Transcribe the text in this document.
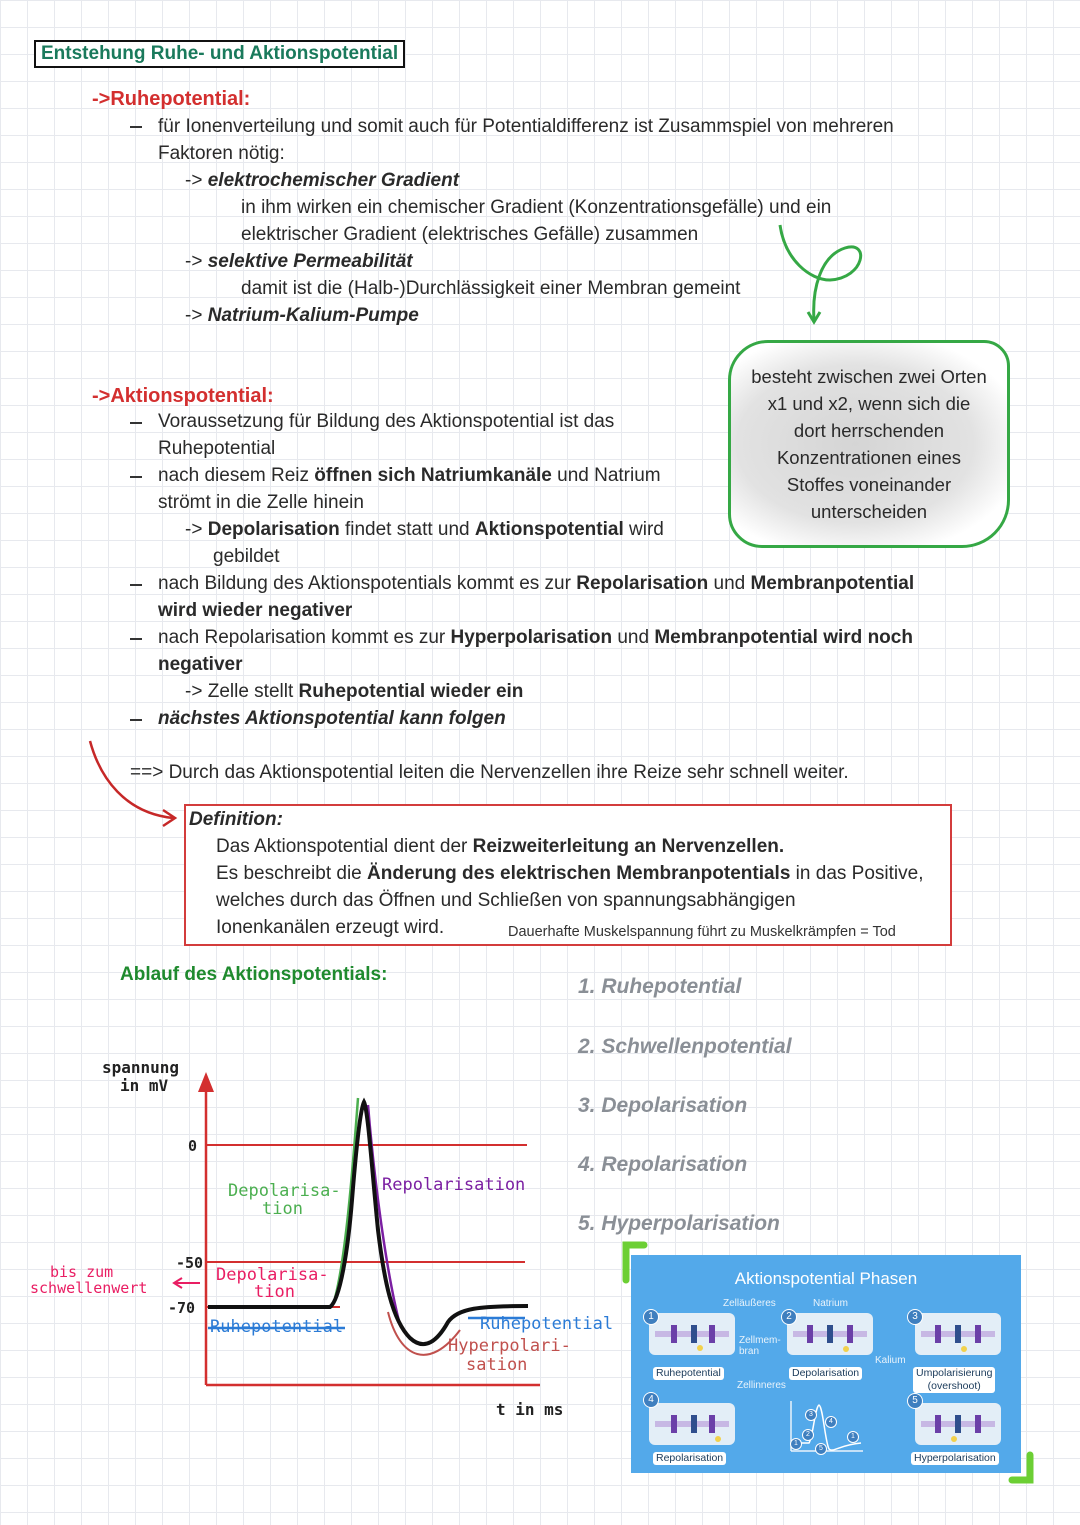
Entstehung Ruhe- und Aktionspotential
->Ruhepotential:
für Ionenverteilung und somit auch für Potentialdifferenz ist Zusammspiel von mehreren
Faktoren nötig:
-> elektrochemischer Gradient
in ihm wirken ein chemischer Gradient (Konzentrationsgefälle) und ein
elektrischer Gradient (elektrisches Gefälle) zusammen
-> selektive Permeabilität
damit ist die (Halb-)Durchlässigkeit einer Membran gemeint
-> Natrium-Kalium-Pumpe
besteht zwischen zwei Orten
x1 und x2, wenn sich die
dort herrschenden
Konzentrationen eines
Stoffes voneinander
unterscheiden
->Aktionspotential:
Voraussetzung für Bildung des Aktionspotential ist das
Ruhepotential
nach diesem Reiz öffnen sich Natriumkanäle und Natrium
strömt in die Zelle hinein
-> Depolarisation findet statt und Aktionspotential wird
gebildet
nach Bildung des Aktionspotentials kommt es zur Repolarisation und Membranpotential
wird wieder negativer
nach Repolarisation kommt es zur Hyperpolarisation und Membranpotential wird noch
negativer
-> Zelle stellt Ruhepotential wieder ein
nächstes Aktionspotential kann folgen
==> Durch das Aktionspotential leiten die Nervenzellen ihre Reize sehr schnell weiter.
Definition:
Das Aktionspotential dient der Reizweiterleitung an Nervenzellen.
Es beschreibt die Änderung des elektrischen Membranpotentials in das Positive,
welches durch das Öffnen und Schließen von spannungsabhängigen
Ionenkanälen erzeugt wird.	Dauerhafte Muskelspannung führt zu Muskelkrämpfen = Tod
Ablauf des Aktionspotentials:
1. Ruhepotential
2. Schwellenpotential
3. Depolarisation
4. Repolarisation
5. Hyperpolarisation
spannung
in mV
0
-50
-70
t in ms
Depolarisa-
tion
Repolarisation
Depolarisa-
tion
Ruhepotential	Ruhepotential
Hyperpolari-
sation
bis zum
schwellenwert	Aktionspotential Phasen
Zelläußeres	Natrium
Zellmem-
bran
Zellinneres
Kalium
Ruhepotential
1
Depolarisation
2
Umpolarisierung
(overshoot)
3
Repolarisation
4
1
2
3
4
5
1
Hyperpolarisation
5
